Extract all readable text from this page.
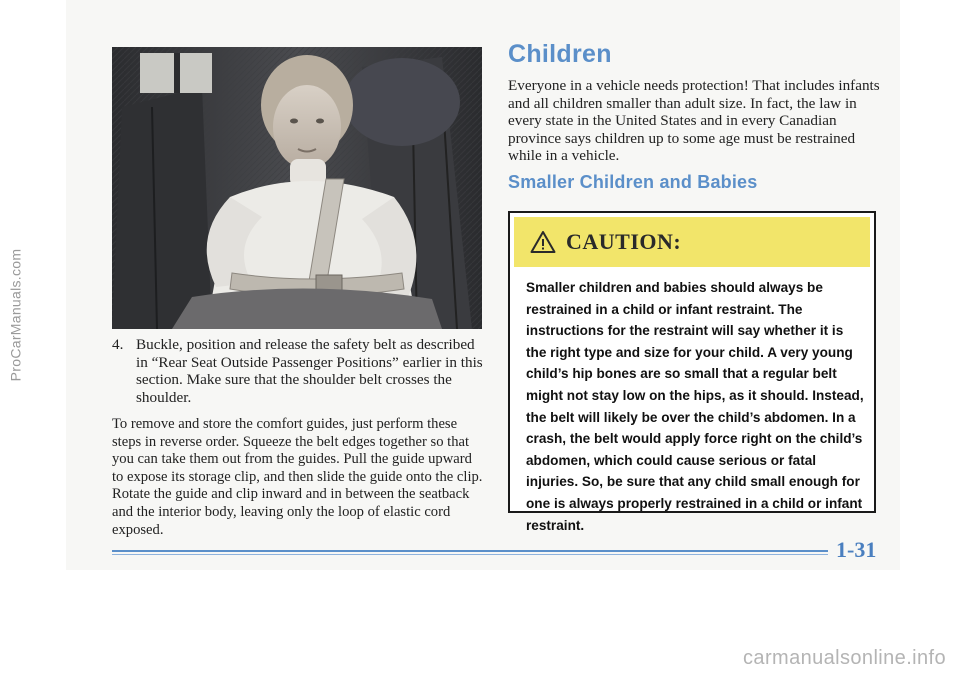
ProCarManuals.com	4. Buckle, position and release the safety belt as described in “Rear Seat Outside Passenger Positions” earlier in this section. Make sure that the shoulder belt crosses the shoulder.
To remove and store the comfort guides, just perform these steps in reverse order. Squeeze the belt edges together so that you can take them out from the guides. Pull the guide upward to expose its storage clip, and then slide the guide onto the clip. Rotate the guide and clip inward and in between the seatback and the interior body, leaving only the loop of elastic cord exposed.
Children
Everyone in a vehicle needs protection! That includes infants and all children smaller than adult size. In fact, the law in every state in the United States and in every Canadian province says children up to some age must be restrained while in a vehicle.
Smaller Children and Babies
CAUTION:
Smaller children and babies should always be restrained in a child or infant restraint. The instructions for the restraint will say whether it is the right type and size for your child. A very young child’s hip bones are so small that a regular belt might not stay low on the hips, as it should. Instead, the belt will likely be over the child’s abdomen. In a crash, the belt would apply force right on the child’s abdomen, which could cause serious or fatal injuries. So, be sure that any child small enough for one is always properly restrained in a child or infant restraint.
1-31
carmanualsonline.info
